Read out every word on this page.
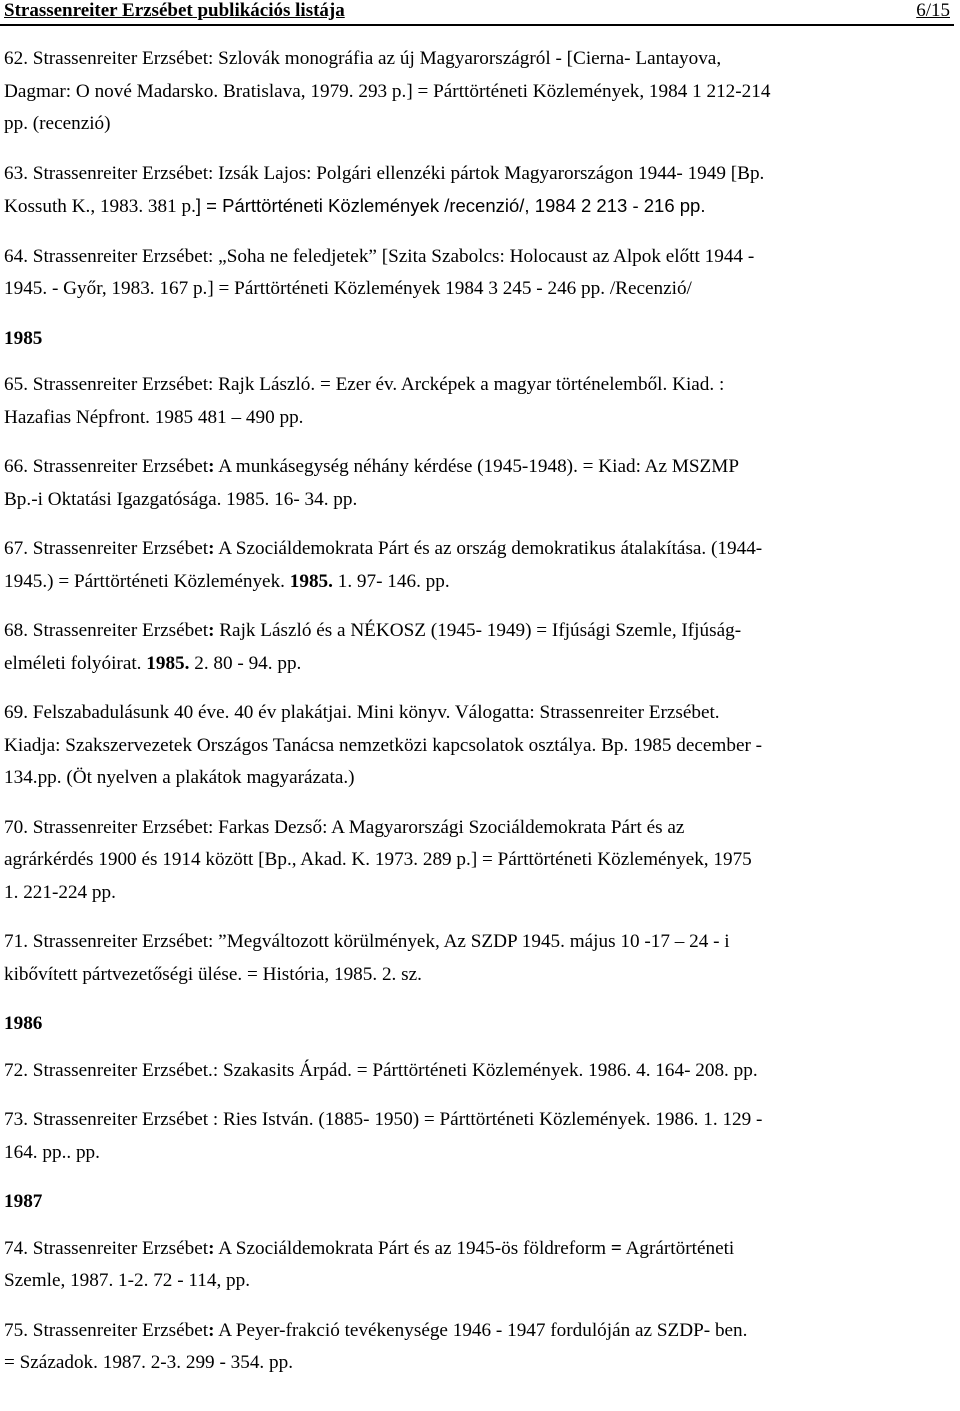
Strassenreiter Erzsébet publikációs listája	6/15
62. Strassenreiter Erzsébet: Szlovák monográfia az új Magyarországról - [Cierna- Lantayova,
Dagmar: O nové Madarsko. Bratislava, 1979. 293 p.] = Párttörténeti Közlemények, 1984 1 212-214
pp. (recenzió)
63. Strassenreiter Erzsébet: Izsák Lajos: Polgári ellenzéki pártok Magyarországon 1944- 1949 [Bp.
Kossuth K., 1983. 381 p.] = Párttörténeti Közlemények /recenzió/, 1984 2 213 - 216 pp.
64. Strassenreiter Erzsébet: „Soha ne feledjetek” [Szita Szabolcs: Holocaust az Alpok előtt 1944 -
1945. - Győr, 1983. 167 p.] = Párttörténeti Közlemények 1984 3 245 - 246 pp. /Recenzió/
1985
65. Strassenreiter Erzsébet: Rajk László. = Ezer év. Arcképek a magyar történelemből. Kiad. :
Hazafias Népfront. 1985 481 – 490 pp.
66. Strassenreiter Erzsébet: A munkásegység néhány kérdése (1945-1948). = Kiad: Az MSZMP
Bp.-i Oktatási Igazgatósága. 1985. 16- 34. pp.
67. Strassenreiter Erzsébet: A Szociáldemokrata Párt és az ország demokratikus átalakítása. (1944-
1945.) = Párttörténeti Közlemények. 1985. 1. 97- 146. pp.
68. Strassenreiter Erzsébet: Rajk László és a NÉKOSZ (1945- 1949) = Ifjúsági Szemle, Ifjúság-
elméleti folyóirat. 1985. 2. 80 - 94. pp.
69. Felszabadulásunk 40 éve. 40 év plakátjai. Mini könyv. Válogatta: Strassenreiter Erzsébet.
Kiadja: Szakszervezetek Országos Tanácsa nemzetközi kapcsolatok osztálya. Bp. 1985 december -
134.pp. (Öt nyelven a plakátok magyarázata.)
70. Strassenreiter Erzsébet: Farkas Dezső: A Magyarországi Szociáldemokrata Párt és az
agrárkérdés 1900 és 1914 között [Bp., Akad. K. 1973. 289 p.] = Párttörténeti Közlemények, 1975
1. 221-224 pp.
71. Strassenreiter Erzsébet: ”Megváltozott körülmények, Az SZDP 1945. május 10 -17 – 24 - i
kibővített pártvezetőségi ülése. = História, 1985. 2. sz.
1986
72. Strassenreiter Erzsébet.: Szakasits Árpád. = Párttörténeti Közlemények. 1986. 4. 164- 208. pp.
73. Strassenreiter Erzsébet : Ries István. (1885- 1950) = Párttörténeti Közlemények. 1986. 1. 129 -
164. pp.. pp.
1987
74. Strassenreiter Erzsébet: A Szociáldemokrata Párt és az 1945-ös földreform = Agrártörténeti
Szemle, 1987. 1-2. 72 - 114, pp.
75. Strassenreiter Erzsébet: A Peyer-frakció tevékenysége 1946 - 1947 fordulóján az SZDP- ben.
= Századok. 1987. 2-3. 299 - 354. pp.
